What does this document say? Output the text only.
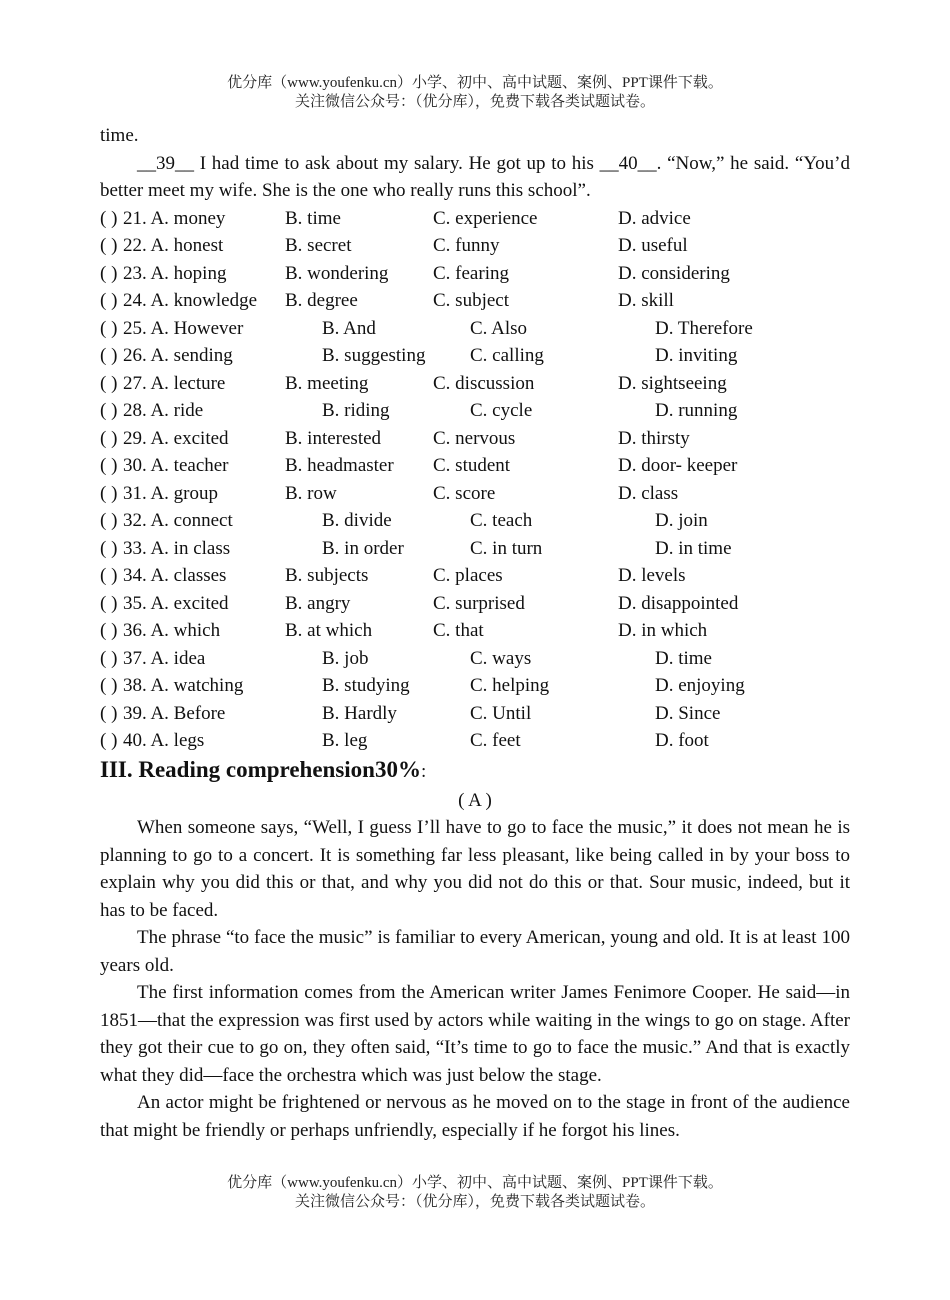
优分库（www.youfenku.cn）小学、初中、高中试题、案例、PPT课件下载。
关注微信公众号：（优分库），免费下载各类试题试卷。

time.

__39__ I had time to ask about my salary. He got up to his __40__. “Now,” he said. “You’d better meet my wife. She is the one who really runs this school”.

( ) 21. A. money	B. time	C. experience	D. advice
( ) 22. A. honest	B. secret	C. funny	D. useful
( ) 23. A. hoping	B. wondering C. fearing	D. considering
( ) 24. A. knowledge B. degree	C. subject	D. skill
( ) 25. A. However	B. And	C. Also	D. Therefore
( ) 26. A. sending	B. suggesting C. calling	D. inviting
( ) 27. A. lecture	B. meeting	C. discussion	D. sightseeing
( ) 28. A. ride	B. riding	C. cycle	D. running
( ) 29. A. excited	B. interested	C. nervous	D. thirsty
( ) 30. A. teacher	B. headmaster C. student	D. door- keeper
( ) 31. A. group	B. row	C. score	D. class
( ) 32. A. connect	B. divide	C. teach	D. join
( ) 33. A. in class	B. in order	C. in turn	D. in time
( ) 34. A. classes	B. subjects	C. places	D. levels
( ) 35. A. excited	B. angry	C. surprised	D. disappointed
( ) 36. A. which	B. at which	C. that	D. in which
( ) 37. A. idea	B. job	C. ways	D. time
( ) 38. A. watching	B. studying	C. helping	D. enjoying
( ) 39. A. Before	B. Hardly	C. Until	D. Since
( ) 40. A. legs	B. leg	C. feet	D. foot

III. Reading comprehension30%:

( A )

When someone says, “Well, I guess I’ll have to go to face the music,” it does not mean he is planning to go to a concert. It is something far less pleasant, like being called in by your boss to explain why you did this or that, and why you did not do this or that. Sour music, indeed, but it has to be faced.

The phrase “to face the music” is familiar to every American, young and old. It is at least 100 years old.

The first information comes from the American writer James Fenimore Cooper. He said—in 1851—that the expression was first used by actors while waiting in the wings to go on stage. After they got their cue to go on, they often said, “It’s time to go to face the music.” And that is exactly what they did—face the orchestra which was just below the stage.

An actor might be frightened or nervous as he moved on to the stage in front of the audience that might be friendly or perhaps unfriendly, especially if he forgot his lines.

优分库（www.youfenku.cn）小学、初中、高中试题、案例、PPT课件下载。
关注微信公众号：（优分库），免费下载各类试题试卷。
